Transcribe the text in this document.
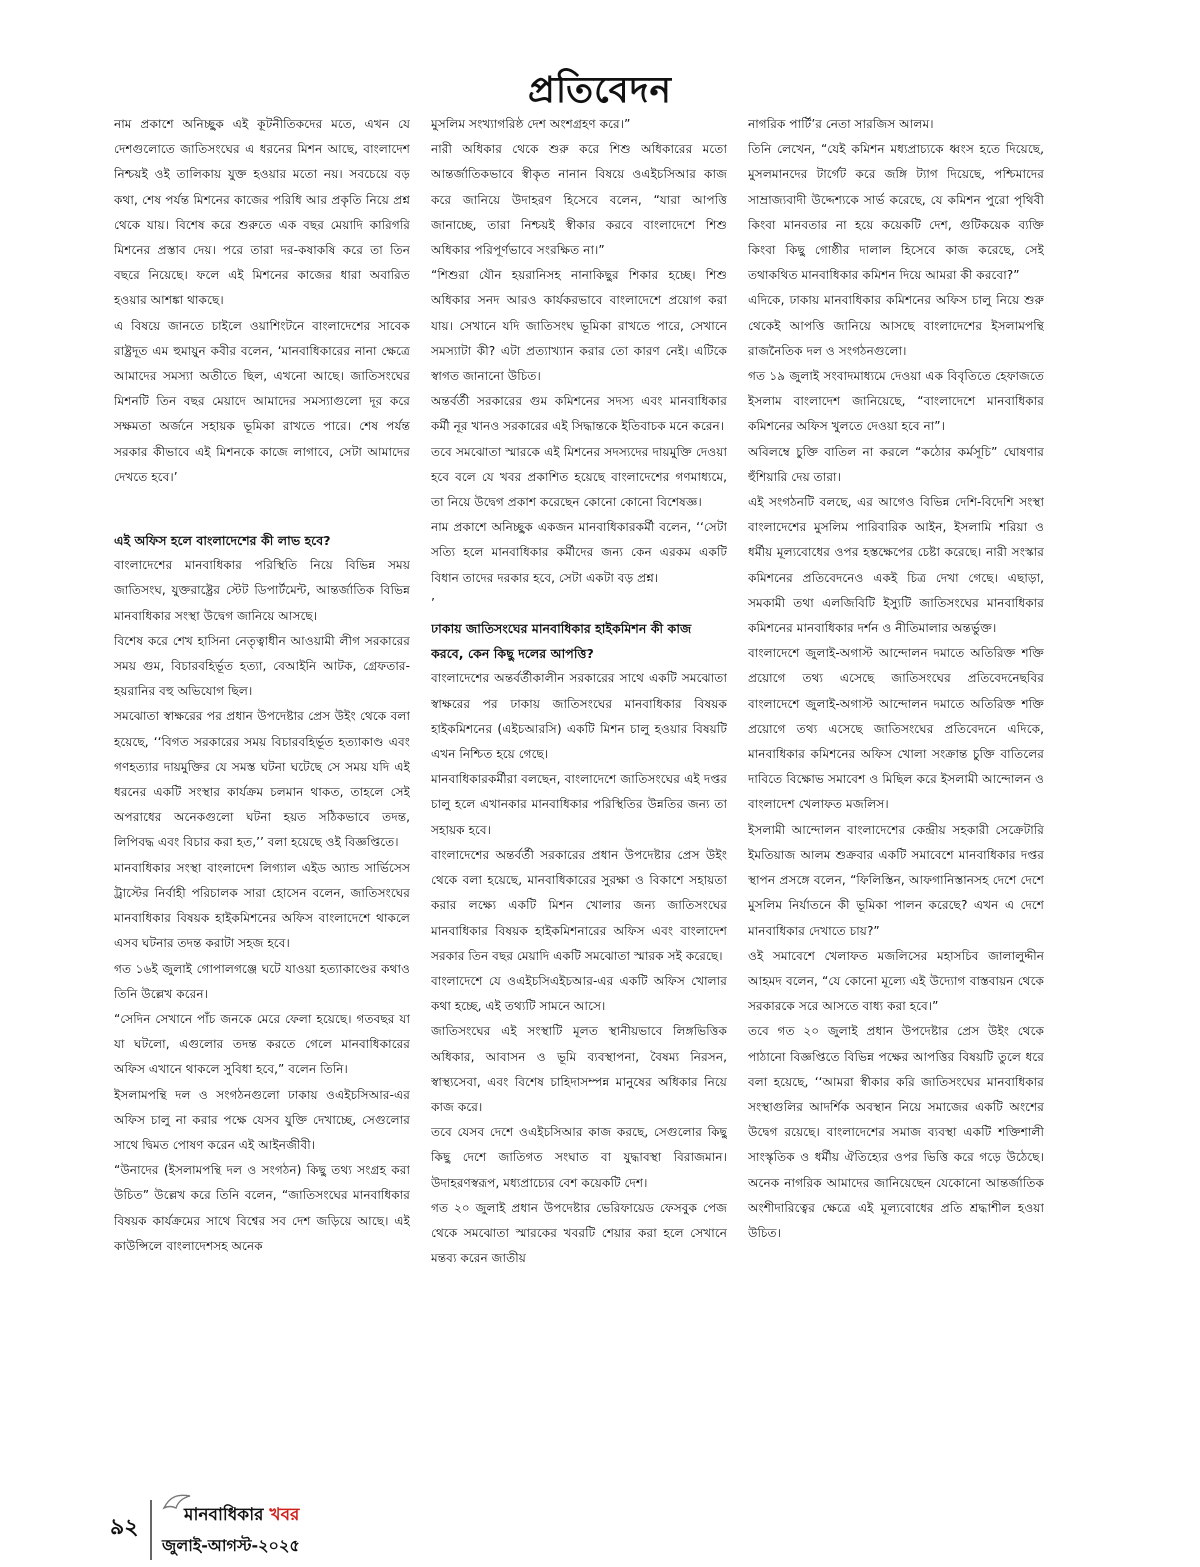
প্রতিবেদন

নাম প্রকাশে অনিচ্ছুক এই কূটনীতিকদের মতে, এখন যে দেশগুলোতে জাতিসংঘের এ ধরনের মিশন আছে, বাংলাদেশ নিশ্চয়ই ওই তালিকায় যুক্ত হওয়ার মতো নয়। সবচেয়ে বড় কথা, শেষ পর্যন্ত মিশনের কাজের পরিধি আর প্রকৃতি নিয়ে প্রশ্ন থেকে যায়। বিশেষ করে শুরুতে এক বছর মেয়াদি কারিগরি মিশনের প্রস্তাব দেয়। পরে তারা দর-কষাকষি করে তা তিন বছরে নিয়েছে। ফলে এই মিশনের কাজের ধারা অবারিত হওয়ার আশঙ্কা থাকছে।

এ বিষয়ে জানতে চাইলে ওয়াশিংটনে বাংলাদেশের সাবেক রাষ্ট্রদূত এম হুমায়ুন কবীর বলেন, ‘মানবাধিকারের নানা ক্ষেত্রে আমাদের সমস্যা অতীতে ছিল, এখনো আছে। জাতিসংঘের মিশনটি তিন বছর মেয়াদে আমাদের সমস্যাগুলো দূর করে সক্ষমতা অর্জনে সহায়ক ভূমিকা রাখতে পারে। শেষ পর্যন্ত সরকার কীভাবে এই মিশনকে কাজে লাগাবে, সেটা আমাদের দেখতে হবে।’

এই অফিস হলে বাংলাদেশের কী লাভ হবে?

বাংলাদেশের মানবাধিকার পরিস্থিতি নিয়ে বিভিন্ন সময় জাতিসংঘ, যুক্তরাষ্ট্রের স্টেট ডিপার্টমেন্ট, আন্তর্জাতিক বিভিন্ন মানবাধিকার সংস্থা উদ্বেগ জানিয়ে আসছে।

বিশেষ করে শেখ হাসিনা নেতৃত্বাধীন আওয়ামী লীগ সরকারের সময় গুম, বিচারবহির্ভূত হত্যা, বেআইনি আটক, গ্রেফতার-হয়রানির বহু অভিযোগ ছিল।

সমঝোতা স্বাক্ষরের পর প্রধান উপদেষ্টার প্রেস উইং থেকে বলা হয়েছে, ‘‘বিগত সরকারের সময় বিচারবহির্ভূত হত্যাকাণ্ড এবং গণহত্যার দায়মুক্তির যে সমস্ত ঘটনা ঘটেছে সে সময় যদি এই ধরনের একটি সংস্থার কার্যক্রম চলমান থাকত, তাহলে সেই অপরাধের অনেকগুলো ঘটনা হয়ত সঠিকভাবে তদন্ত, লিপিবদ্ধ এবং বিচার করা হত,’’ বলা হয়েছে ওই বিজ্ঞপ্তিতে।

মানবাধিকার সংস্থা বাংলাদেশ লিগ্যাল এইড অ্যান্ড সার্ভিসেস ট্রাস্টের নির্বাহী পরিচালক সারা হোসেন বলেন, জাতিসংঘের মানবাধিকার বিষয়ক হাইকমিশনের অফিস বাংলাদেশে থাকলে এসব ঘটনার তদন্ত করাটা সহজ হবে।

গত ১৬ই জুলাই গোপালগঞ্জে ঘটে যাওয়া হত্যাকাণ্ডের কথাও তিনি উল্লেখ করেন।

“সেদিন সেখানে পাঁচ জনকে মেরে ফেলা হয়েছে। গতবছর যা যা ঘটলো, এগুলোর তদন্ত করতে গেলে মানবাধিকারের অফিস এখানে থাকলে সুবিধা হবে,” বলেন তিনি।

ইসলামপন্থি দল ও সংগঠনগুলো ঢাকায় ওএইচসিআর-এর অফিস চালু না করার পক্ষে যেসব যুক্তি দেখাচ্ছে, সেগুলোর সাথে দ্বিমত পোষণ করেন এই আইনজীবী।

“উনাদের (ইসলামপন্থি দল ও সংগঠন) কিছু তথ্য সংগ্রহ করা উচিত” উল্লেখ করে তিনি বলেন, “জাতিসংঘের মানবাধিকার বিষয়ক কার্যক্রমের সাথে বিশ্বের সব দেশ জড়িয়ে আছে। এই কাউন্সিলে বাংলাদেশসহ অনেক

মুসলিম সংখ্যাগরিষ্ঠ দেশ অংশগ্রহণ করে।”

নারী অধিকার থেকে শুরু করে শিশু অধিকারের মতো আন্তর্জাতিকভাবে স্বীকৃত নানান বিষয়ে ওএইচসিআর কাজ করে জানিয়ে উদাহরণ হিসেবে বলেন, “যারা আপত্তি জানাচ্ছে, তারা নিশ্চয়ই স্বীকার করবে বাংলাদেশে শিশু অধিকার পরিপূর্ণভাবে সংরক্ষিত না।”

“শিশুরা যৌন হয়রানিসহ নানাকিছুর শিকার হচ্ছে। শিশু অধিকার সনদ আরও কার্যকরভাবে বাংলাদেশে প্রয়োগ করা যায়। সেখানে যদি জাতিসংঘ ভূমিকা রাখতে পারে, সেখানে সমস্যাটা কী? এটা প্রত্যাখ্যান করার তো কারণ নেই। এটিকে স্বাগত জানানো উচিত।

অন্তর্বর্তী সরকারের গুম কমিশনের সদস্য এবং মানবাধিকার কর্মী নূর খানও সরকারের এই সিদ্ধান্তকে ইতিবাচক মনে করেন।

তবে সমঝোতা স্মারকে এই মিশনের সদস্যদের দায়মুক্তি দেওয়া হবে বলে যে খবর প্রকাশিত হয়েছে বাংলাদেশের গণমাধ্যমে, তা নিয়ে উদ্বেগ প্রকাশ করেছেন কোনো কোনো বিশেষজ্ঞ।

নাম প্রকাশে অনিচ্ছুক একজন মানবাধিকারকর্মী বলেন, ‘‘সেটা সত্যি হলে মানবাধিকার কর্মীদের জন্য কেন এরকম একটি বিধান তাদের দরকার হবে, সেটা একটা বড় প্রশ্ন।

’

ঢাকায় জাতিসংঘের মানবাধিকার হাইকমিশন কী কাজ করবে, কেন কিছু দলের আপত্তি?

বাংলাদেশের অন্তর্বর্তীকালীন সরকারের সাথে একটি সমঝোতা স্বাক্ষরের পর ঢাকায় জাতিসংঘের মানবাধিকার বিষয়ক হাইকমিশনের (এইচআরসি) একটি মিশন চালু হওয়ার বিষয়টি এখন নিশ্চিত হয়ে গেছে।

মানবাধিকারকর্মীরা বলছেন, বাংলাদেশে জাতিসংঘের এই দপ্তর চালু হলে এখানকার মানবাধিকার পরিস্থিতির উন্নতির জন্য তা সহায়ক হবে।

বাংলাদেশের অন্তর্বর্তী সরকারের প্রধান উপদেষ্টার প্রেস উইং থেকে বলা হয়েছে, মানবাধিকারের সুরক্ষা ও বিকাশে সহায়তা করার লক্ষ্যে একটি মিশন খোলার জন্য জাতিসংঘের মানবাধিকার বিষয়ক হাইকমিশনারের অফিস এবং বাংলাদেশ সরকার তিন বছর মেয়াদি একটি সমঝোতা স্মারক সই করেছে।

বাংলাদেশে যে ওএইচসিএইচআর-এর একটি অফিস খোলার কথা হচ্ছে, এই তথ্যটি সামনে আসে।

জাতিসংঘের এই সংস্থাটি মূলত স্থানীয়ভাবে লিঙ্গভিত্তিক অধিকার, আবাসন ও ভূমি ব্যবস্থাপনা, বৈষম্য নিরসন, স্বাস্থ্যসেবা, এবং বিশেষ চাহিদাসম্পন্ন মানুষের অধিকার নিয়ে কাজ করে।

তবে যেসব দেশে ওএইচসিআর কাজ করছে, সেগুলোর কিছু কিছু দেশে জাতিগত সংঘাত বা যুদ্ধাবস্থা বিরাজমান। উদাহরণস্বরূপ, মধ্যপ্রাচ্যের বেশ কয়েকটি দেশ।

গত ২০ জুলাই প্রধান উপদেষ্টার ভেরিফায়েড ফেসবুক পেজ থেকে সমঝোতা স্মারকের খবরটি শেয়ার করা হলে সেখানে মন্তব্য করেন জাতীয়

নাগরিক পার্টি’র নেতা সারজিস আলম।

তিনি লেখেন, “যেই কমিশন মধ্যপ্রাচ্যকে ধ্বংস হতে দিয়েছে, মুসলমানদের টার্গেট করে জঙ্গি ট্যাগ দিয়েছে, পশ্চিমাদের সাম্রাজ্যবাদী উদ্দেশ্যকে সার্ভ করেছে, যে কমিশন পুরো পৃথিবী কিংবা মানবতার না হয়ে কয়েকটি দেশ, গুটিকয়েক ব্যক্তি কিংবা কিছু গোষ্ঠীর দালাল হিসেবে কাজ করেছে, সেই তথাকথিত মানবাধিকার কমিশন দিয়ে আমরা কী করবো?”

এদিকে, ঢাকায় মানবাধিকার কমিশনের অফিস চালু নিয়ে শুরু থেকেই আপত্তি জানিয়ে আসছে বাংলাদেশের ইসলামপন্থি রাজনৈতিক দল ও সংগঠনগুলো।

গত ১৯ জুলাই সংবাদমাধ্যমে দেওয়া এক বিবৃতিতে হেফাজতে ইসলাম বাংলাদেশ জানিয়েছে, “বাংলাদেশে মানবাধিকার কমিশনের অফিস খুলতে দেওয়া হবে না”।

অবিলম্বে চুক্তি বাতিল না করলে “কঠোর কর্মসূচি” ঘোষণার হুঁশিয়ারি দেয় তারা।

এই সংগঠনটি বলছে, এর আগেও বিভিন্ন দেশি-বিদেশি সংস্থা বাংলাদেশের মুসলিম পারিবারিক আইন, ইসলামি শরিয়া ও ধর্মীয় মূল্যবোধের ওপর হস্তক্ষেপের চেষ্টা করেছে। নারী সংস্কার কমিশনের প্রতিবেদনেও একই চিত্র দেখা গেছে। এছাড়া, সমকামী তথা এলজিবিটি ইস্যুটি জাতিসংঘের মানবাধিকার কমিশনের মানবাধিকার দর্শন ও নীতিমালার অন্তর্ভুক্ত।

বাংলাদেশে জুলাই-অগাস্ট আন্দোলন দমাতে অতিরিক্ত শক্তি প্রয়োগে তথ্য এসেছে জাতিসংঘের প্রতিবেদনেছবির বাংলাদেশে জুলাই-অগাস্ট আন্দোলন দমাতে অতিরিক্ত শক্তি প্রয়োগে তথ্য এসেছে জাতিসংঘের প্রতিবেদনে এদিকে, মানবাধিকার কমিশনের অফিস খোলা সংক্রান্ত চুক্তি বাতিলের দাবিতে বিক্ষোভ সমাবেশ ও মিছিল করে ইসলামী আন্দোলন ও বাংলাদেশ খেলাফত মজলিস।

ইসলামী আন্দোলন বাংলাদেশের কেন্দ্রীয় সহকারী সেক্রেটারি ইমতিয়াজ আলম শুক্রবার একটি সমাবেশে মানবাধিকার দপ্তর স্থাপন প্রসঙ্গে বলেন, “ফিলিস্তিন, আফগানিস্তানসহ দেশে দেশে মুসলিম নির্যাতনে কী ভূমিকা পালন করেছে? এখন এ দেশে মানবাধিকার দেখাতে চায়?”

ওই সমাবেশে খেলাফত মজলিসের মহাসচিব জালালুদ্দীন আহমদ বলেন, “যে কোনো মূল্যে এই উদ্যোগ বাস্তবায়ন থেকে সরকারকে সরে আসতে বাধ্য করা হবে।”

তবে গত ২০ জুলাই প্রধান উপদেষ্টার প্রেস উইং থেকে পাঠানো বিজ্ঞপ্তিতে বিভিন্ন পক্ষের আপত্তির বিষয়টি তুলে ধরে বলা হয়েছে, ‘‘আমরা স্বীকার করি জাতিসংঘের মানবাধিকার সংস্থাগুলির আদর্শিক অবস্থান নিয়ে সমাজের একটি অংশের উদ্বেগ রয়েছে। বাংলাদেশের সমাজ ব্যবস্থা একটি শক্তিশালী সাংস্কৃতিক ও ধর্মীয় ঐতিহ্যের ওপর ভিত্তি করে গড়ে উঠেছে। অনেক নাগরিক আমাদের জানিয়েছেন যেকোনো আন্তর্জাতিক অংশীদারিত্বের ক্ষেত্রে এই মূল্যবোধের প্রতি শ্রদ্ধাশীল হওয়া উচিত।

৯২	মানবাধিকার খবর
জুলাই-আগস্ট-২০২৫
